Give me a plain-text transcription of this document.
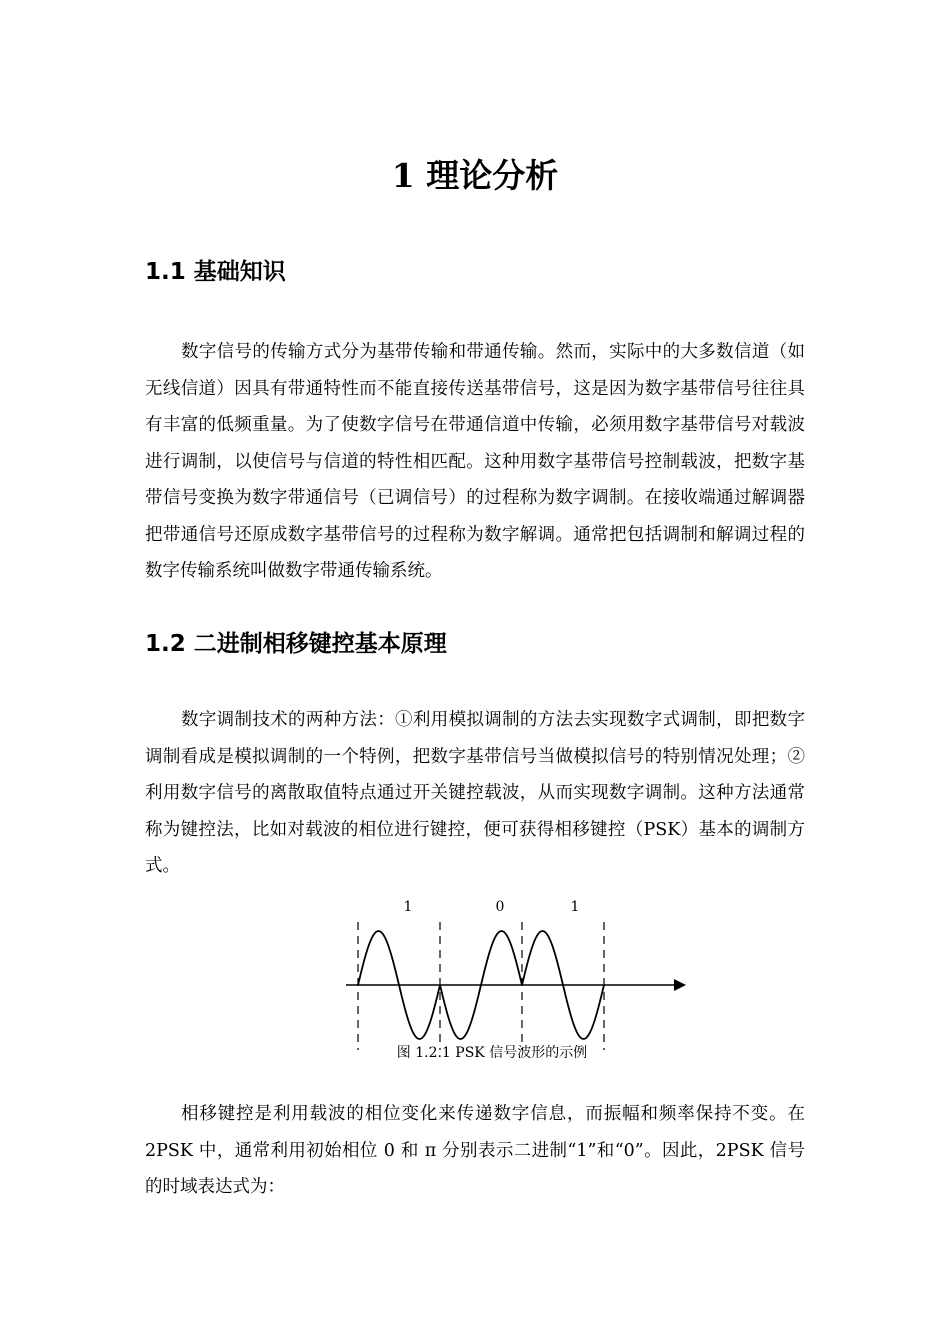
1 理论分析
1.1 基础知识

数字信号的传输方式分为基带传输和带通传输。然而，实际中的大多数信道（如无线信道）因具有带通特性而不能直接传送基带信号，这是因为数字基带信号往往具有丰富的低频重量。为了使数字信号在带通信道中传输，必须用数字基带信号对载波进行调制，以使信号与信道的特性相匹配。这种用数字基带信号控制载波，把数字基带信号变换为数字带通信号（已调信号）的过程称为数字调制。在接收端通过解调器把带通信号还原成数字基带信号的过程称为数字解调。通常把包括调制和解调过程的数字传输系统叫做数字带通传输系统。

1.2 二进制相移键控基本原理

数字调制技术的两种方法：①利用模拟调制的方法去实现数字式调制，即把数字调制看成是模拟调制的一个特例，把数字基带信号当做模拟信号的特别情况处理；②利用数字信号的离散取值特点通过开关键控载波，从而实现数字调制。这种方法通常称为键控法，比如对载波的相位进行键控，便可获得相移键控（PSK）基本的调制方式。

1	0	1
图 1.2.1 PSK 信号波形的示例

相移键控是利用载波的相位变化来传递数字信息，而振幅和频率保持不变。在 2PSK 中，通常利用初始相位 0 和 π 分别表示二进制“1”和“0”。因此，2PSK 信号的时域表达式为：
